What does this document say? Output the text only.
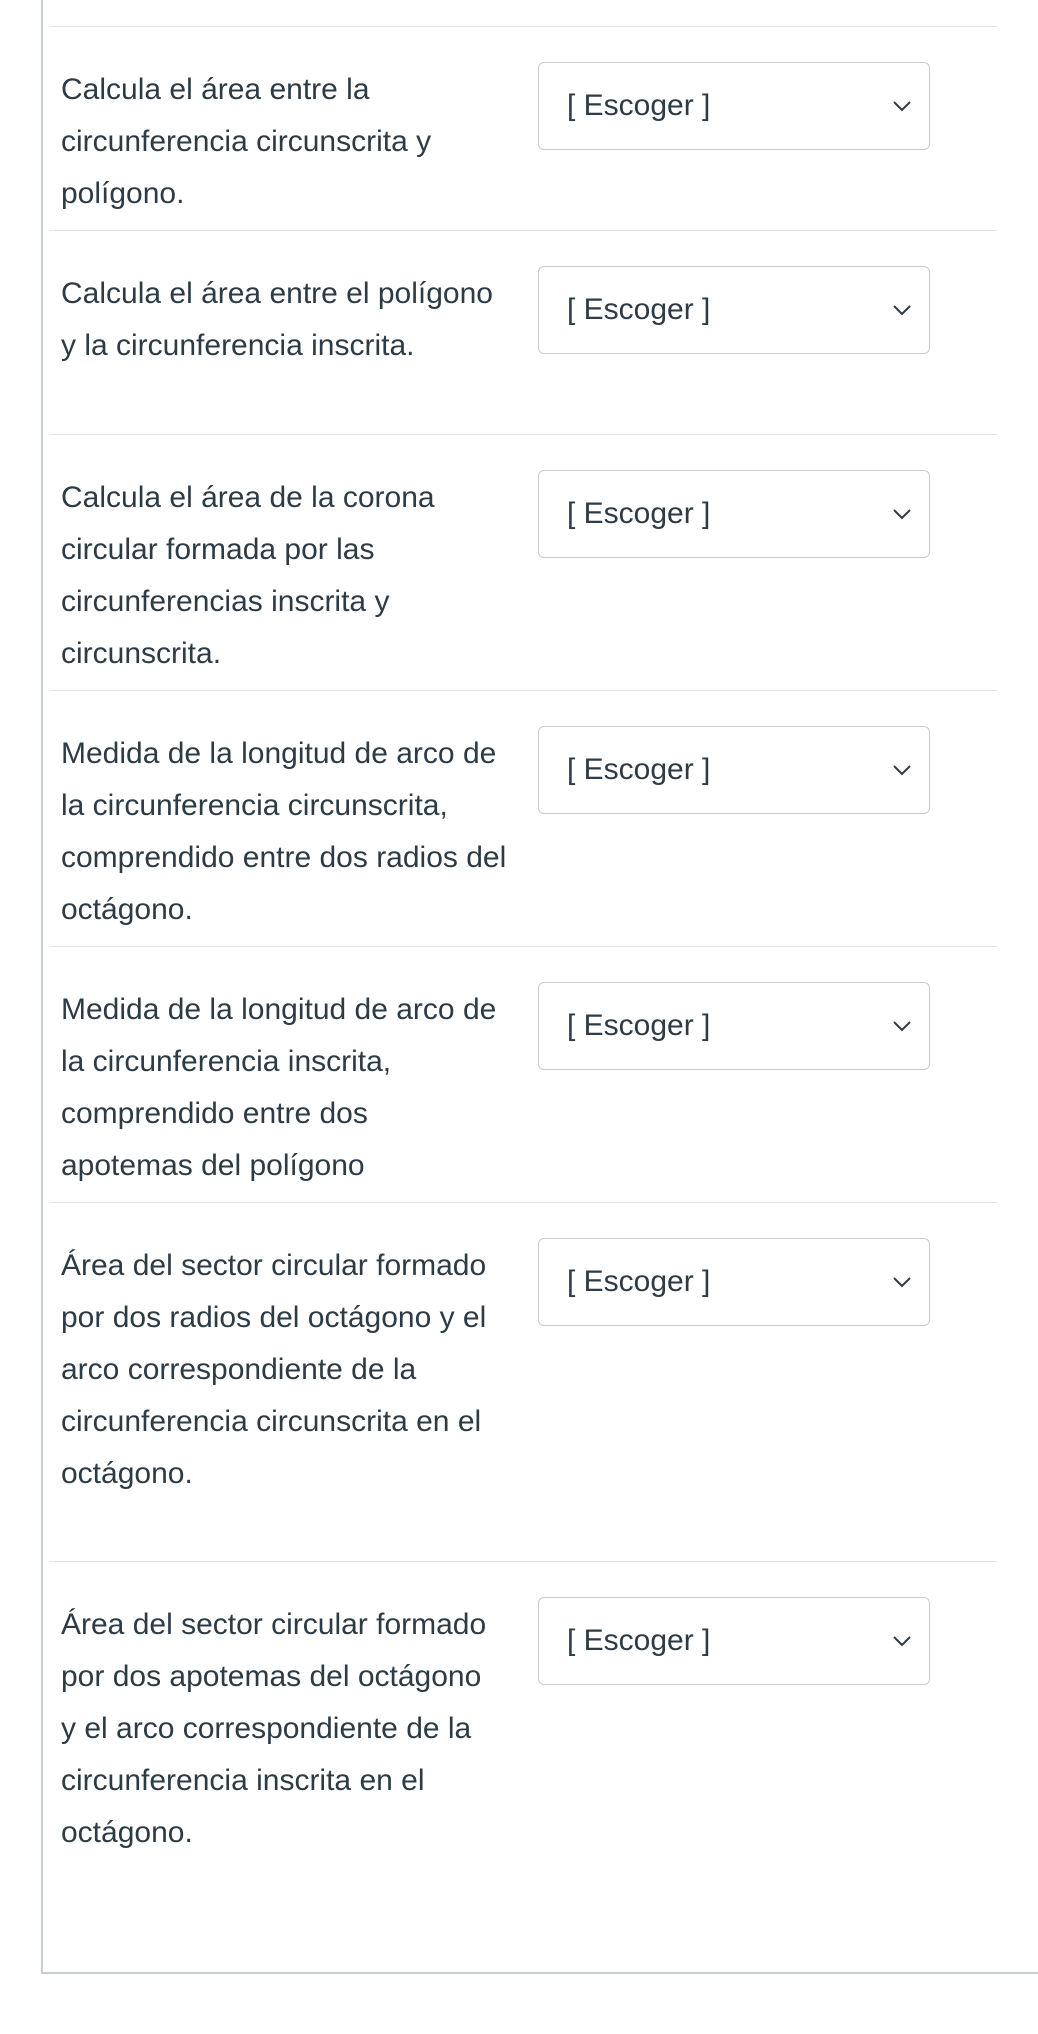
Calcula el área entre la circunferencia circunscrita y polígono.

[ Escoger ]

Calcula el área entre el polígono y la circunferencia inscrita.

[ Escoger ]

Calcula el área de la corona circular formada por las circunferencias inscrita y circunscrita.

[ Escoger ]

Medida de la longitud de arco de la circunferencia circunscrita, comprendido entre dos radios del octágono.

[ Escoger ]

Medida de la longitud de arco de la circunferencia inscrita, comprendido entre dos apotemas del polígono

[ Escoger ]

Área del sector circular formado por dos radios del octágono y el arco correspondiente de la circunferencia circunscrita en el octágono.

[ Escoger ]

Área del sector circular formado por dos apotemas del octágono y el arco correspondiente de la circunferencia inscrita en el octágono.

[ Escoger ]
